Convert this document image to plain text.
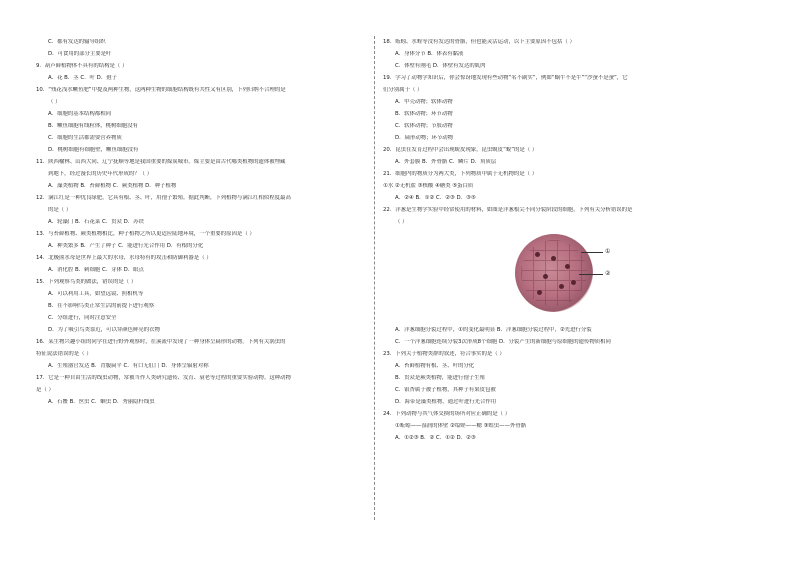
C．都有发达的输导组织
D．可食用的部分主要是叶
9．葫芦藓植物体不具有的结构是（ ）
A．花 B．茎 C．叶 D．孢子
10．“残花浅水鳜鱼肥”中提及两种生物，这两种生物的细胞结构既有共性又有区别，下列归纳不合理的是
（ ）
A．细胞的基本结构都相同
B．鳜鱼细胞有线粒体，桃树细胞没有
C．细胞的生活都需要营养物质
D．桃树细胞有细胞壁，鳜鱼细胞没有
11．陕西榆林、山西大同、辽宁抚顺等地是我国重要的煤炭城市。煤主要是由古代哪类植物的遗体被埋藏
到地下，经过漫长的历史年代形成的？（ ）
A．藻类植物 B．苔藓植物 C．蕨类植物 D．种子植物
12．满江红是一种优良绿肥，它具有根、茎、叶，用孢子繁殖。据此判断，下列植物与满江红相似程度最高
的是（ ）
A．轮藻门 B．石花菜 C．贯众 D．苏铁
13．与苔藓植物、蕨类植物相比，种子植物之所以更适应陆地环境，一个重要的原因是（ ）
A．种类繁多 B．产生了种子 C．能进行光合作用 D．有根的分化
14．北极熊水母是世界上最大的水母，水母特有的攻击和防御利器是（ ）
A．消化腔 B．刺细胞 C．芽体 D．眼点
15．下列观察鸟类的做法，错误的是（ ）
A．可以利用工具，如望远镜、照相机等
B．在不影响鸟类正常生活的前提下进行观察
C．分组进行，同时注意安全
D．为了吸引鸟类靠近，可以穿颜色鲜亮的衣物
16．某生物兴趣小组的同学在进行野外观察时，在溪流中发现了一种身体呈扁形的动物。下列有关涡虫的
特征说法错误的是（ ）
A．生殖器官发达 B．背腹扁平 C．有口无肛门 D．身体呈辐射对称
17．它是一种自由生活的线虫动物，常被当作人类研究遗传、发育、衰老等过程的重要实验动物。这种动物
是（ ）
A．石鳖 B．丝虫 C．蛔虫 D．秀丽隐杆线虫
18．蚯蚓、水蛭等没有发达的骨骼，但也能灵活运动，以下主要原因不包括（ ）
A．身体分节 B．体表有黏液
C．体壁有刚毛 D．体壁有发达的肌肉
19．学习了动物学知识后，你会惊讶地发现有些动物“名不副实”，例如“蜗牛不是牛”“沙蚕不是蚕”，它
们分别属于（ ）
A．甲壳动物；软体动物
B．软体动物；环节动物
C．软体动物；节肢动物
D．扁形动物；环节动物
20．昆虫在发育过程中会出现蜕皮现象，昆虫蜕皮“蜕”的是（ ）
A．外套膜 B．外骨骼 C．鳞片 D．角质层
21．细胞内的物质分为两大类，下列物质中属于无机物的是（ ）
①水 ②无机盐 ③核酸 ④糖类 ⑤蛋白质
A．②④ B．①② C．②③ D．③⑤
22．洋葱是生物学实验中经常使用的材料，如图是洋葱根尖不同分裂阶段的细胞，下列有关分析错误的是
（ ）
①
②
A．洋葱细胞分裂过程中，①的变化最明显 B．洋葱细胞分裂过程中，②先进行分裂
C．一个洋葱细胞连续分裂3次形成8个细胞 D．分裂产生的新细胞与原细胞的遗传物质相同
23．下列关于植物类群的叙述，符合事实的是（ ）
A．苔藓植物有根、茎、叶的分化
B．贯众是蕨类植物，能进行孢子生殖
C．银杏属于被子植物，其种子有果皮包被
D．海带是藻类植物，通过叶进行光合作用
24．下列动物与其气体交换的场所对应正确的是（ ）
①蚯蚓——湿润的体壁 ②缢蛏——鳃 ③蝗虫——外骨骼
A．①②③ B．② C．①② D．②③
